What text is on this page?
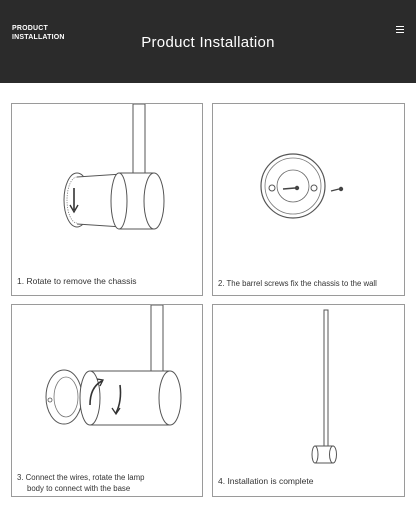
PRODUCT
INSTALLATION	Product Installation
1. Rotate to remove the chassis	2. The barrel screws fix the chassis to the wall
3. Connect the wires, rotate the lamp
body to connect with the base
4. Installation is complete
